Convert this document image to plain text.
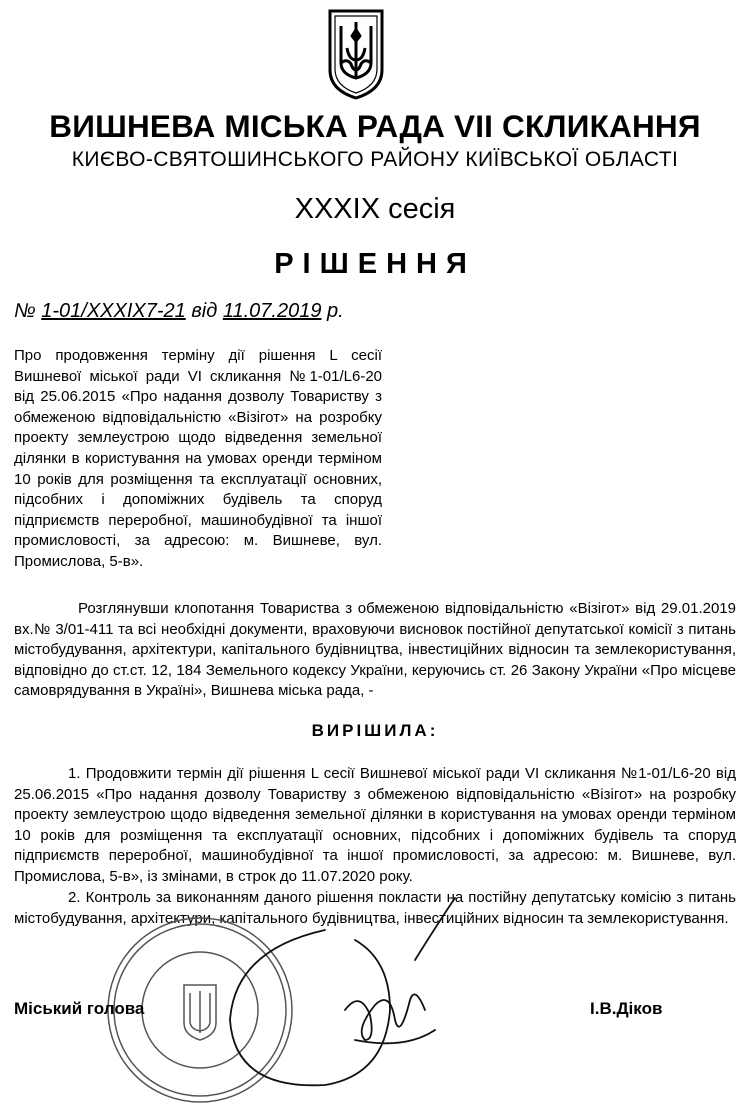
ВИШНЕВА МІСЬКА РАДА VII СКЛИКАННЯ
КИЄВО-СВЯТОШИНСЬКОГО РАЙОНУ КИЇВСЬКОЇ ОБЛАСТІ
XXXIX сесія
РІШЕННЯ
№ 1-01/XXXIX7-21 від 11.07.2019 р.
Про продовження терміну дії рішення L сесії Вишневої міської ради VI скликання №1-01/L6-20 від 25.06.2015 «Про надання дозволу Товариству з обмеженою відповідальністю «Візігот» на розробку проекту землеустрою щодо відведення земельної ділянки в користування на умовах оренди терміном 10 років для розміщення та експлуатації основних, підсобних і допоміжних будівель та споруд підприємств переробної, машинобудівної та іншої промисловості, за адресою: м. Вишневе, вул. Промислова, 5-в».
Розглянувши клопотання Товариства з обмеженою відповідальністю «Візігот» від 29.01.2019 вх.№ 3/01-411 та всі необхідні документи, враховуючи висновок постійної депутатської комісії з питань містобудування, архітектури, капітального будівництва, інвестиційних відносин та землекористування, відповідно до ст.ст. 12, 184 Земельного кодексу України, керуючись ст. 26 Закону України «Про місцеве самоврядування в Україні», Вишнева міська рада, -
ВИРІШИЛА:
1. Продовжити термін дії рішення L сесії Вишневої міської ради VI скликання №1-01/L6-20 від 25.06.2015 «Про надання дозволу Товариству з обмеженою відповідальністю «Візігот» на розробку проекту землеустрою щодо відведення земельної ділянки в користування на умовах оренди терміном 10 років для розміщення та експлуатації основних, підсобних і допоміжних будівель та споруд підприємств переробної, машинобудівної та іншої промисловості, за адресою: м. Вишневе, вул. Промислова, 5-в», із змінами, в строк до 11.07.2020 року.
2. Контроль за виконанням даного рішення покласти на постійну депутатську комісію з питань містобудування, архітектури, капітального будівництва, інвестиційних відносин та землекористування.
Міський голова	І.В.Діков
